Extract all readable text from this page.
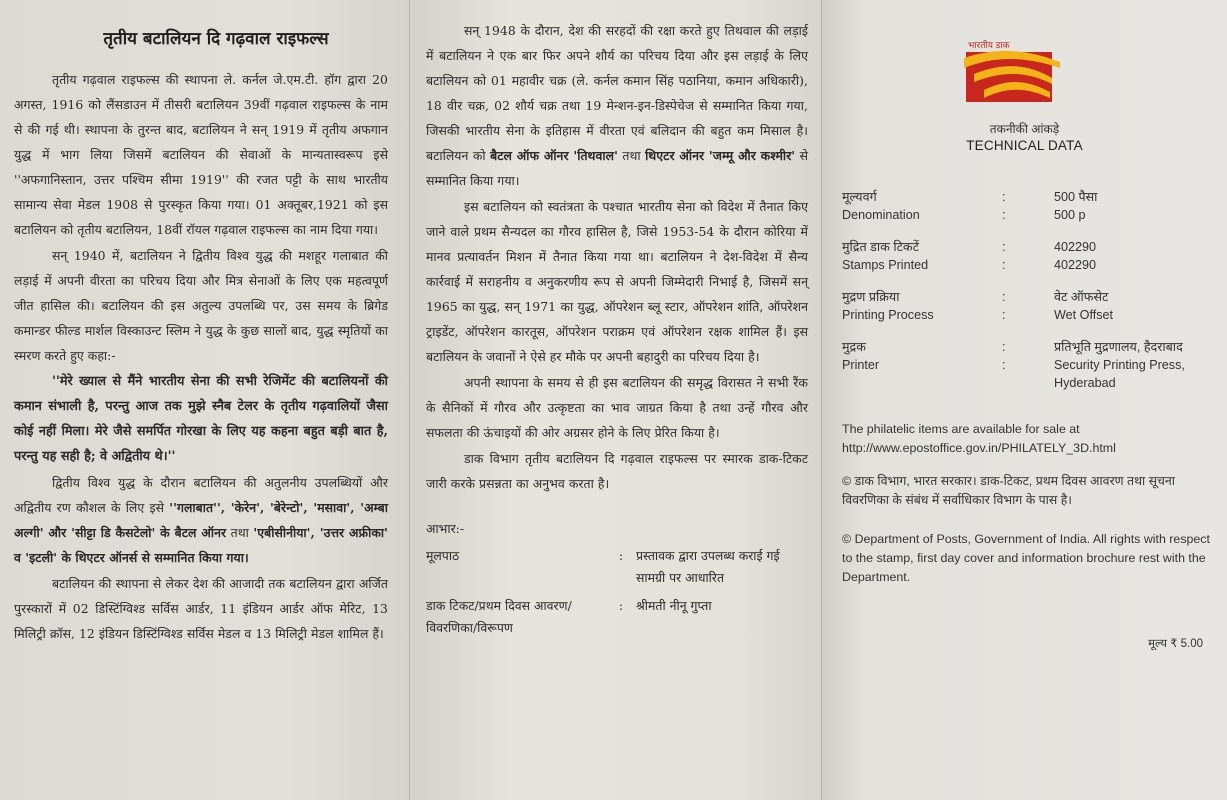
तृतीय बटालियन दि गढ़वाल राइफल्स

तृतीय गढ़वाल राइफल्स की स्थापना ले. कर्नल जे.एम.टी. हॉग द्वारा 20 अगस्त, 1916 को लैंसडाउन में तीसरी बटालियन 39वीं गढ़वाल राइफल्स के नाम से की गई थी। स्थापना के तुरन्त बाद, बटालियन ने सन् 1919 में तृतीय अफगान युद्ध में भाग लिया जिसमें बटालियन की सेवाओं के मान्यतास्वरूप इसे ''अफगानिस्तान, उत्तर पश्चिम सीमा 1919'' की रजत पट्टी के साथ भारतीय सामान्य सेवा मेडल 1908 से पुरस्कृत किया गया। 01 अक्तूबर,1921 को इस बटालियन को तृतीय बटालियन, 18वीं रॉयल गढ़वाल राइफल्स का नाम दिया गया।

सन् 1940 में, बटालियन ने द्वितीय विश्व युद्ध की मशहूर गलाबात की लड़ाई में अपनी वीरता का परिचय दिया और मित्र सेनाओं के लिए एक महत्वपूर्ण जीत हासिल की। बटालियन की इस अतुल्य उपलब्धि पर, उस समय के ब्रिगेड कमान्डर फील्ड मार्शल विस्काउन्ट स्लिम ने युद्ध के कुछ सालों बाद, युद्ध स्मृतियों का स्मरण करते हुए कहा:-

''मेरे ख्याल से मैंने भारतीय सेना की सभी रेजिमेंट की बटालियनों की कमान संभाली है, परन्तु आज तक मुझे स्नैब टेलर के तृतीय गढ़वालियों जैसा कोई नहीं मिला। मेरे जैसे समर्पित गोरखा के लिए यह कहना बहुत बड़ी बात है, परन्तु यह सही है; वे अद्वितीय थे।''

द्वितीय विश्व युद्ध के दौरान बटालियन की अतुलनीय उपलब्धियों और अद्वितीय रण कौशल के लिए इसे ''गलाबात'', 'केरेन', 'बेरेन्टो', 'मसावा', 'अम्बा अल्गी' और 'सीट्टा डि कैसटेलो' के बैटल ऑनर तथा 'एबीसीनीया', 'उत्तर अफ्रीका' व 'इटली' के थिएटर ऑनर्स से सम्मानित किया गया।

बटालियन की स्थापना से लेकर देश की आजादी तक बटालियन द्वारा अर्जित पुरस्कारों में 02 डिस्टिंग्विश्ड सर्विस आर्डर, 11 इंडियन आर्डर ऑफ मेरिट, 13 मिलिट्री क्रॉस, 12 इंडियन डिस्टिंग्विश्ड सर्विस मेडल व 13 मिलिट्री मेडल शामिल हैं।

सन् 1948 के दौरान, देश की सरहदों की रक्षा करते हुए तिथवाल की लड़ाई में बटालियन ने एक बार फिर अपने शौर्य का परिचय दिया और इस लड़ाई के लिए बटालियन को 01 महावीर चक्र (ले. कर्नल कमान सिंह पठानिया, कमान अधिकारी), 18 वीर चक्र, 02 शौर्य चक्र तथा 19 मेन्शन-इन-डिस्पेचेज से सम्मानित किया गया, जिसकी भारतीय सेना के इतिहास में वीरता एवं बलिदान की बहुत कम मिसाल है। बटालियन को बैटल ऑफ ऑनर 'तिथवाल' तथा थिएटर ऑनर 'जम्मू और कश्मीर' से सम्मानित किया गया।

इस बटालियन को स्वतंत्रता के पश्चात भारतीय सेना को विदेश में तैनात किए जाने वाले प्रथम सैन्यदल का गौरव हासिल है, जिसे 1953-54 के दौरान कोरिया में मानव प्रत्यावर्तन मिशन में तैनात किया गया था। बटालियन ने देश-विदेश में सैन्य कार्रवाई में सराहनीय व अनुकरणीय रूप से अपनी जिम्मेदारी निभाई है, जिसमें सन् 1965 का युद्ध, सन् 1971 का युद्ध, ऑपरेशन ब्लू स्टार, ऑपरेशन शांति, ऑपरेशन ट्राइडेंट, ऑपरेशन कारतूस, ऑपरेशन पराक्रम एवं ऑपरेशन रक्षक शामिल हैं। इस बटालियन के जवानों ने ऐसे हर मौके पर अपनी बहादुरी का परिचय दिया है।

अपनी स्थापना के समय से ही इस बटालियन की समृद्ध विरासत ने सभी रैंक के सैनिकों में गौरव और उत्कृष्टता का भाव जाग्रत किया है तथा उन्हें गौरव और सफलता की ऊंचाइयों की ओर अग्रसर होने के लिए प्रेरित किया है।

डाक विभाग तृतीय बटालियन दि गढ़वाल राइफल्स पर स्मारक डाक-टिकट जारी करके प्रसन्नता का अनुभव करता है।

आभार:-
मूलपाठ	:	प्रस्तावक द्वारा उपलब्ध कराई गई सामग्री पर आधारित
डाक टिकट/प्रथम दिवस आवरण/ विवरणिका/विरूपण	:	श्रीमती नीनू गुप्ता
भारतीय डाक
India Post
तकनीकी आंकड़े
TECHNICAL DATA
मूल्यवर्ग	:	500 पैसा
Denomination	:	500 p
मुद्रित डाक टिकटें	:	402290
Stamps Printed	:	402290
मुद्रण प्रक्रिया	:	वेट ऑफसेट
Printing Process	:	Wet Offset
मुद्रक	:	प्रतिभूति मुद्रणालय, हैदराबाद
Printer	:	Security Printing Press, Hyderabad
The philatelic items are available for sale at http://www.epostoffice.gov.in/PHILATELY_3D.html
© डाक विभाग, भारत सरकार। डाक-टिकट, प्रथम दिवस आवरण तथा सूचना विवरणिका के संबंध में सर्वाधिकार विभाग के पास है।
© Department of Posts, Government of India. All rights with respect to the stamp, first day cover and information brochure rest with the Department.
मूल्य ₹ 5.00
